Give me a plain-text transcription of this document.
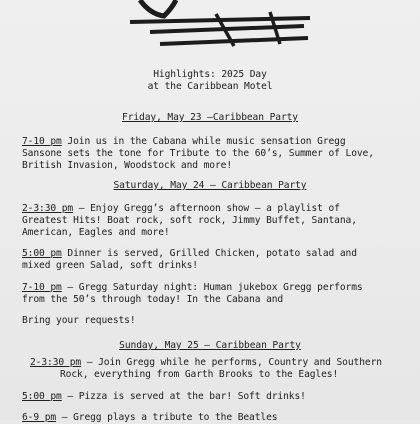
Highlights: 2025 Day
at the Caribbean Motel
Friday, May 23 –Caribbean Party
7-10 pm Join us in the Cabana while music sensation Gregg
Sansone sets the tone for Tribute to the 60’s, Summer of Love,
British Invasion, Woodstock and more!
Saturday, May 24 – Caribbean Party
2-3:30 pm – Enjoy Gregg’s afternoon show – a playlist of
Greatest Hits! Boat rock, soft rock, Jimmy Buffet, Santana,
American, Eagles and more!
5:00 pm Dinner is served, Grilled Chicken, potato salad and
mixed green Salad, soft drinks!
7-10 pm – Gregg Saturday night: Human jukebox Gregg performs
from the 50’s through today! In the Cabana and
Bring your requests!
Sunday, May 25 – Caribbean Party
2-3:30 pm – Join Gregg while he performs, Country and Southern
Rock, everything from Garth Brooks to the Eagles!
5:00 pm – Pizza is served at the bar! Soft drinks!
6-9 pm – Gregg plays a tribute to the Beatles
